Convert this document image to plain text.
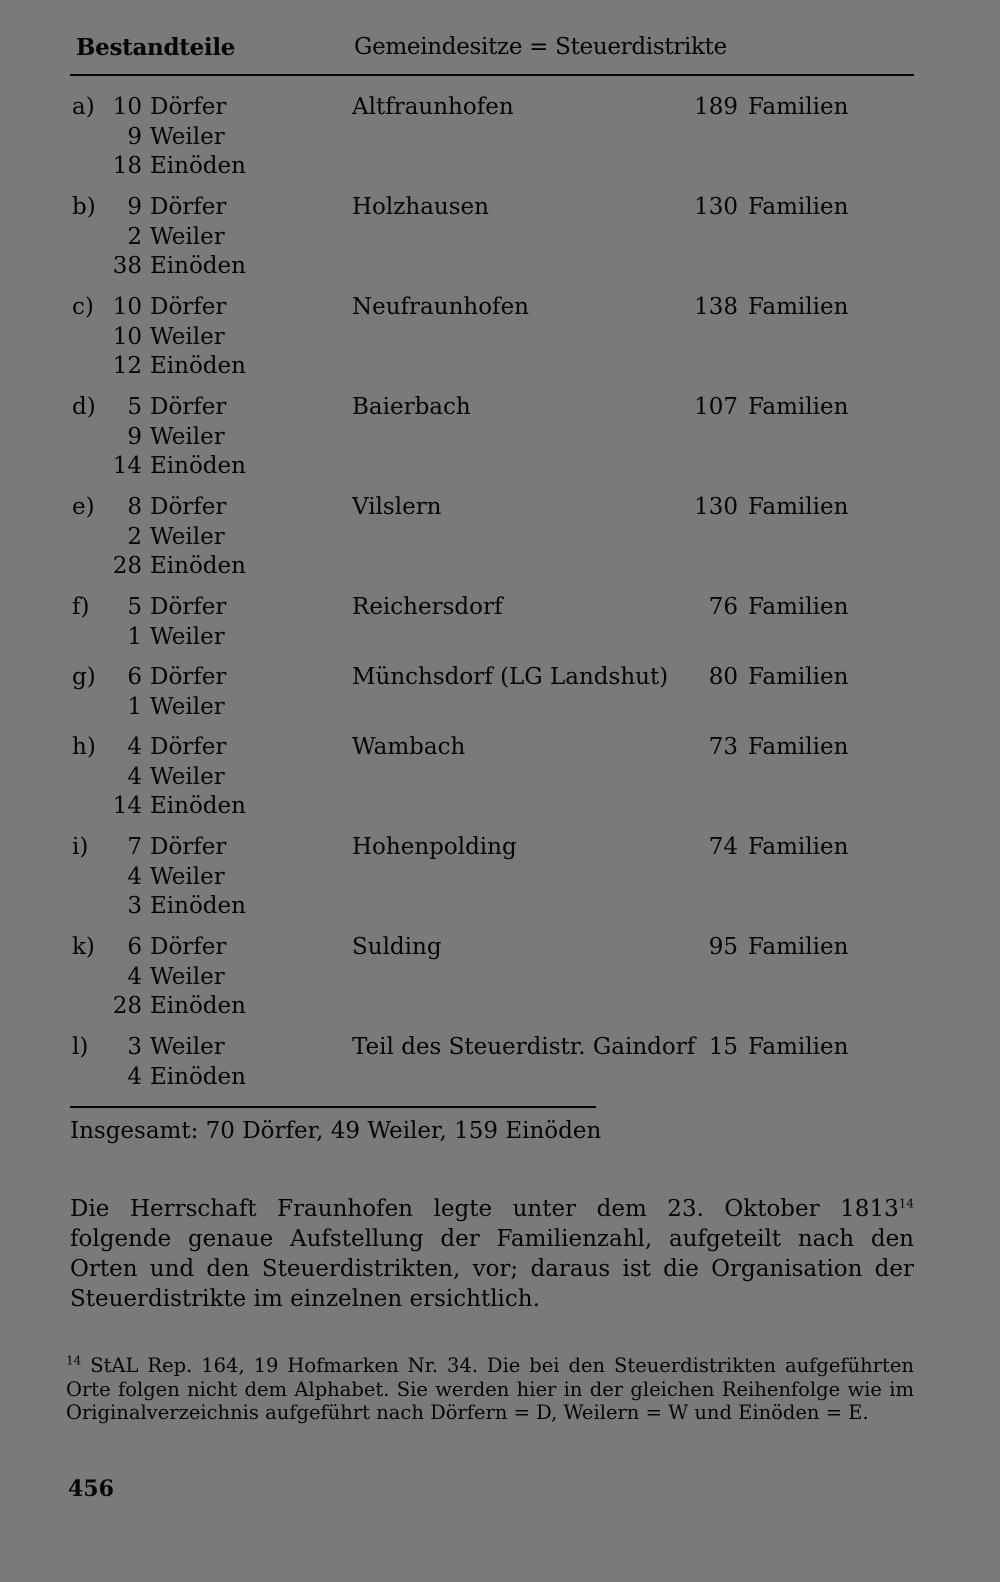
Bestandteile	Gemeindesitze = Steuerdistrikte
a) 10 Dörfer
9 Weiler
18 Einöden
Altfraunhofen	189 Familien
b)	9 Dörfer
2 Weiler
38 Einöden
Holzhausen	130 Familien
c) 10 Dörfer
10 Weiler
12 Einöden
Neufraunhofen	138 Familien
d)	5 Dörfer
9 Weiler
14 Einöden
Baierbach	107 Familien
e)	8 Dörfer
2 Weiler
28 Einöden
Vilslern	130 Familien
f)	5 Dörfer
1 Weiler
Reichersdorf	76 Familien
g)	6 Dörfer
1 Weiler
Münchsdorf (LG Landshut)	80 Familien
h)	4 Dörfer
4 Weiler
14 Einöden
Wambach	73 Familien
i)	7 Dörfer
4 Weiler
3 Einöden
Hohenpolding	74 Familien
k)	6 Dörfer
4 Weiler
28 Einöden
Sulding	95 Familien
l)	3 Weiler
4 Einöden
Teil des Steuerdistr. Gaindorf 15 Familien
Insgesamt: 70 Dörfer, 49 Weiler, 159 Einöden
Die Herrschaft Fraunhofen legte unter dem 23. Oktober 1813$^{14}$ folgende genaue Aufstellung der Familienzahl, aufgeteilt nach den Orten und den Steuerdistrikten, vor; daraus ist die Organisation der Steuerdistrikte im einzelnen ersichtlich.
$^{14}$ StAL Rep. 164, 19 Hofmarken Nr. 34. Die bei den Steuerdistrikten aufgeführten Orte folgen nicht dem Alphabet. Sie werden hier in der gleichen Reihenfolge wie im Originalverzeichnis aufgeführt nach Dörfern = D, Weilern = W und Einöden = E.
456
